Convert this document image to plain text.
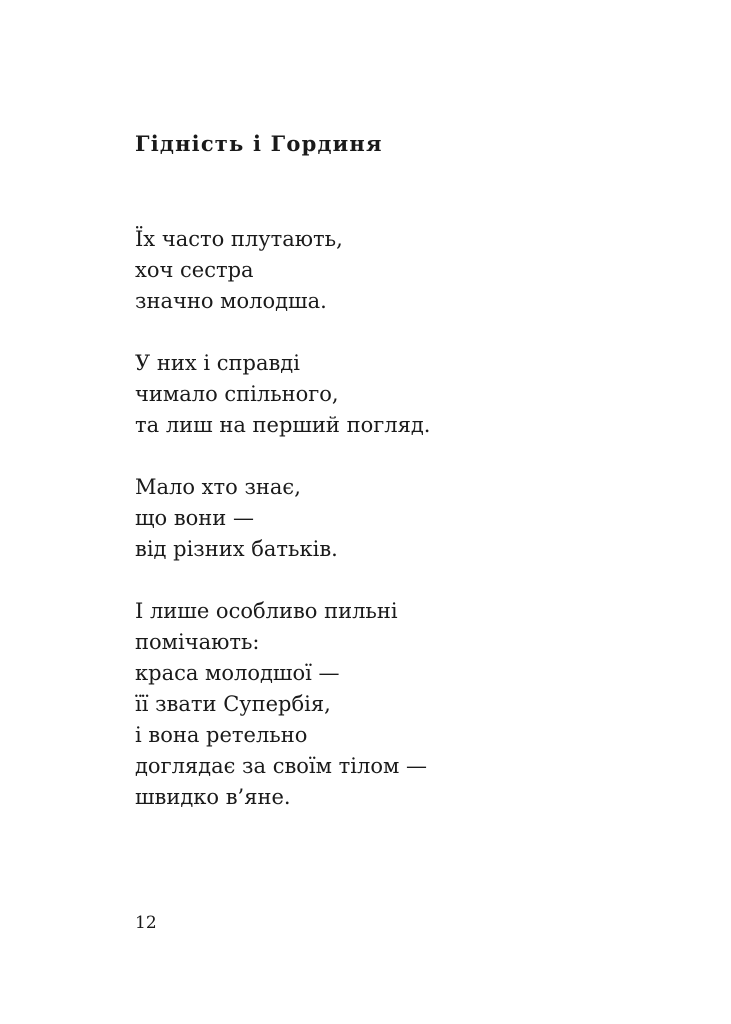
Гідність і Гординя

Їх часто плутають,
хоч сестра
значно молодша.

У них і справді
чимало спільного,
та лиш на перший погляд.

Мало хто знає,
що вони —
від різних батьків.

І лише особливо пильні
помічають:
краса молодшої —
її звати Супербія,
і вона ретельно
доглядає за своїм тілом —
швидко в’яне.

12
